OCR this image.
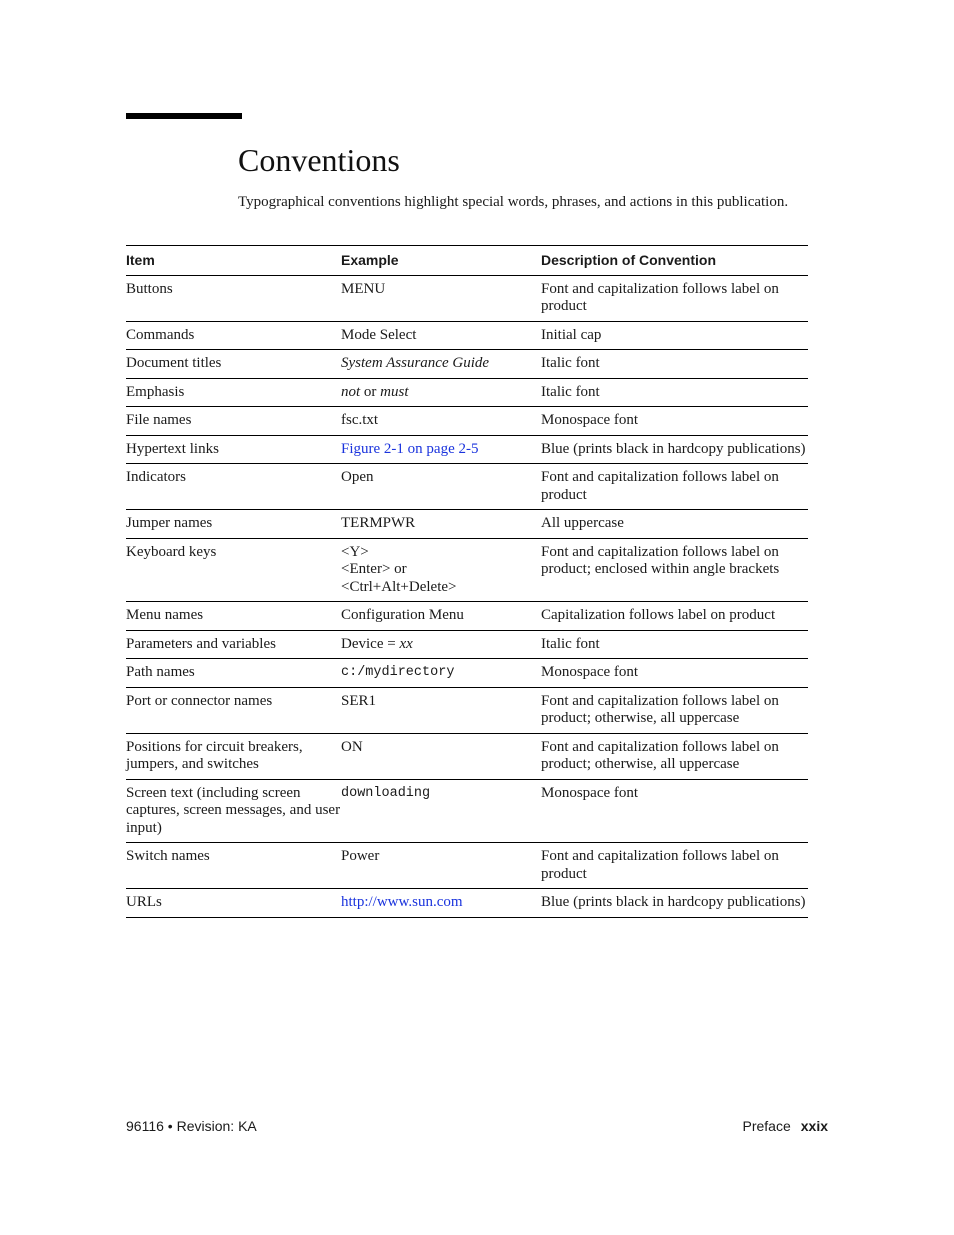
Conventions

Typographical conventions highlight special words, phrases, and actions in this publication.

Item	Example	Description of Convention
Buttons	MENU	Font and capitalization follows label on product
Commands	Mode Select	Initial cap
Document titles	System Assurance Guide	Italic font
Emphasis	not or must	Italic font
File names	fsc.txt	Monospace font
Hypertext links	Figure 2-1 on page 2-5	Blue (prints black in hardcopy publications)
Indicators	Open	Font and capitalization follows label on product
Jumper names	TERMPWR	All uppercase
Keyboard keys	<Y>
<Enter> or
<Ctrl+Alt+Delete>	Font and capitalization follows label on product; enclosed within angle brackets
Menu names	Configuration Menu	Capitalization follows label on product
Parameters and variables	Device = xx	Italic font
Path names	c:/mydirectory	Monospace font
Port or connector names	SER1	Font and capitalization follows label on product; otherwise, all uppercase
Positions for circuit breakers, jumpers, and switches	ON	Font and capitalization follows label on product; otherwise, all uppercase
Screen text (including screen captures, screen messages, and user input)	downloading	Monospace font
Switch names	Power	Font and capitalization follows label on product
URLs	http://www.sun.com	Blue (prints black in hardcopy publications)
96116 • Revision: KA	Preface xxix
